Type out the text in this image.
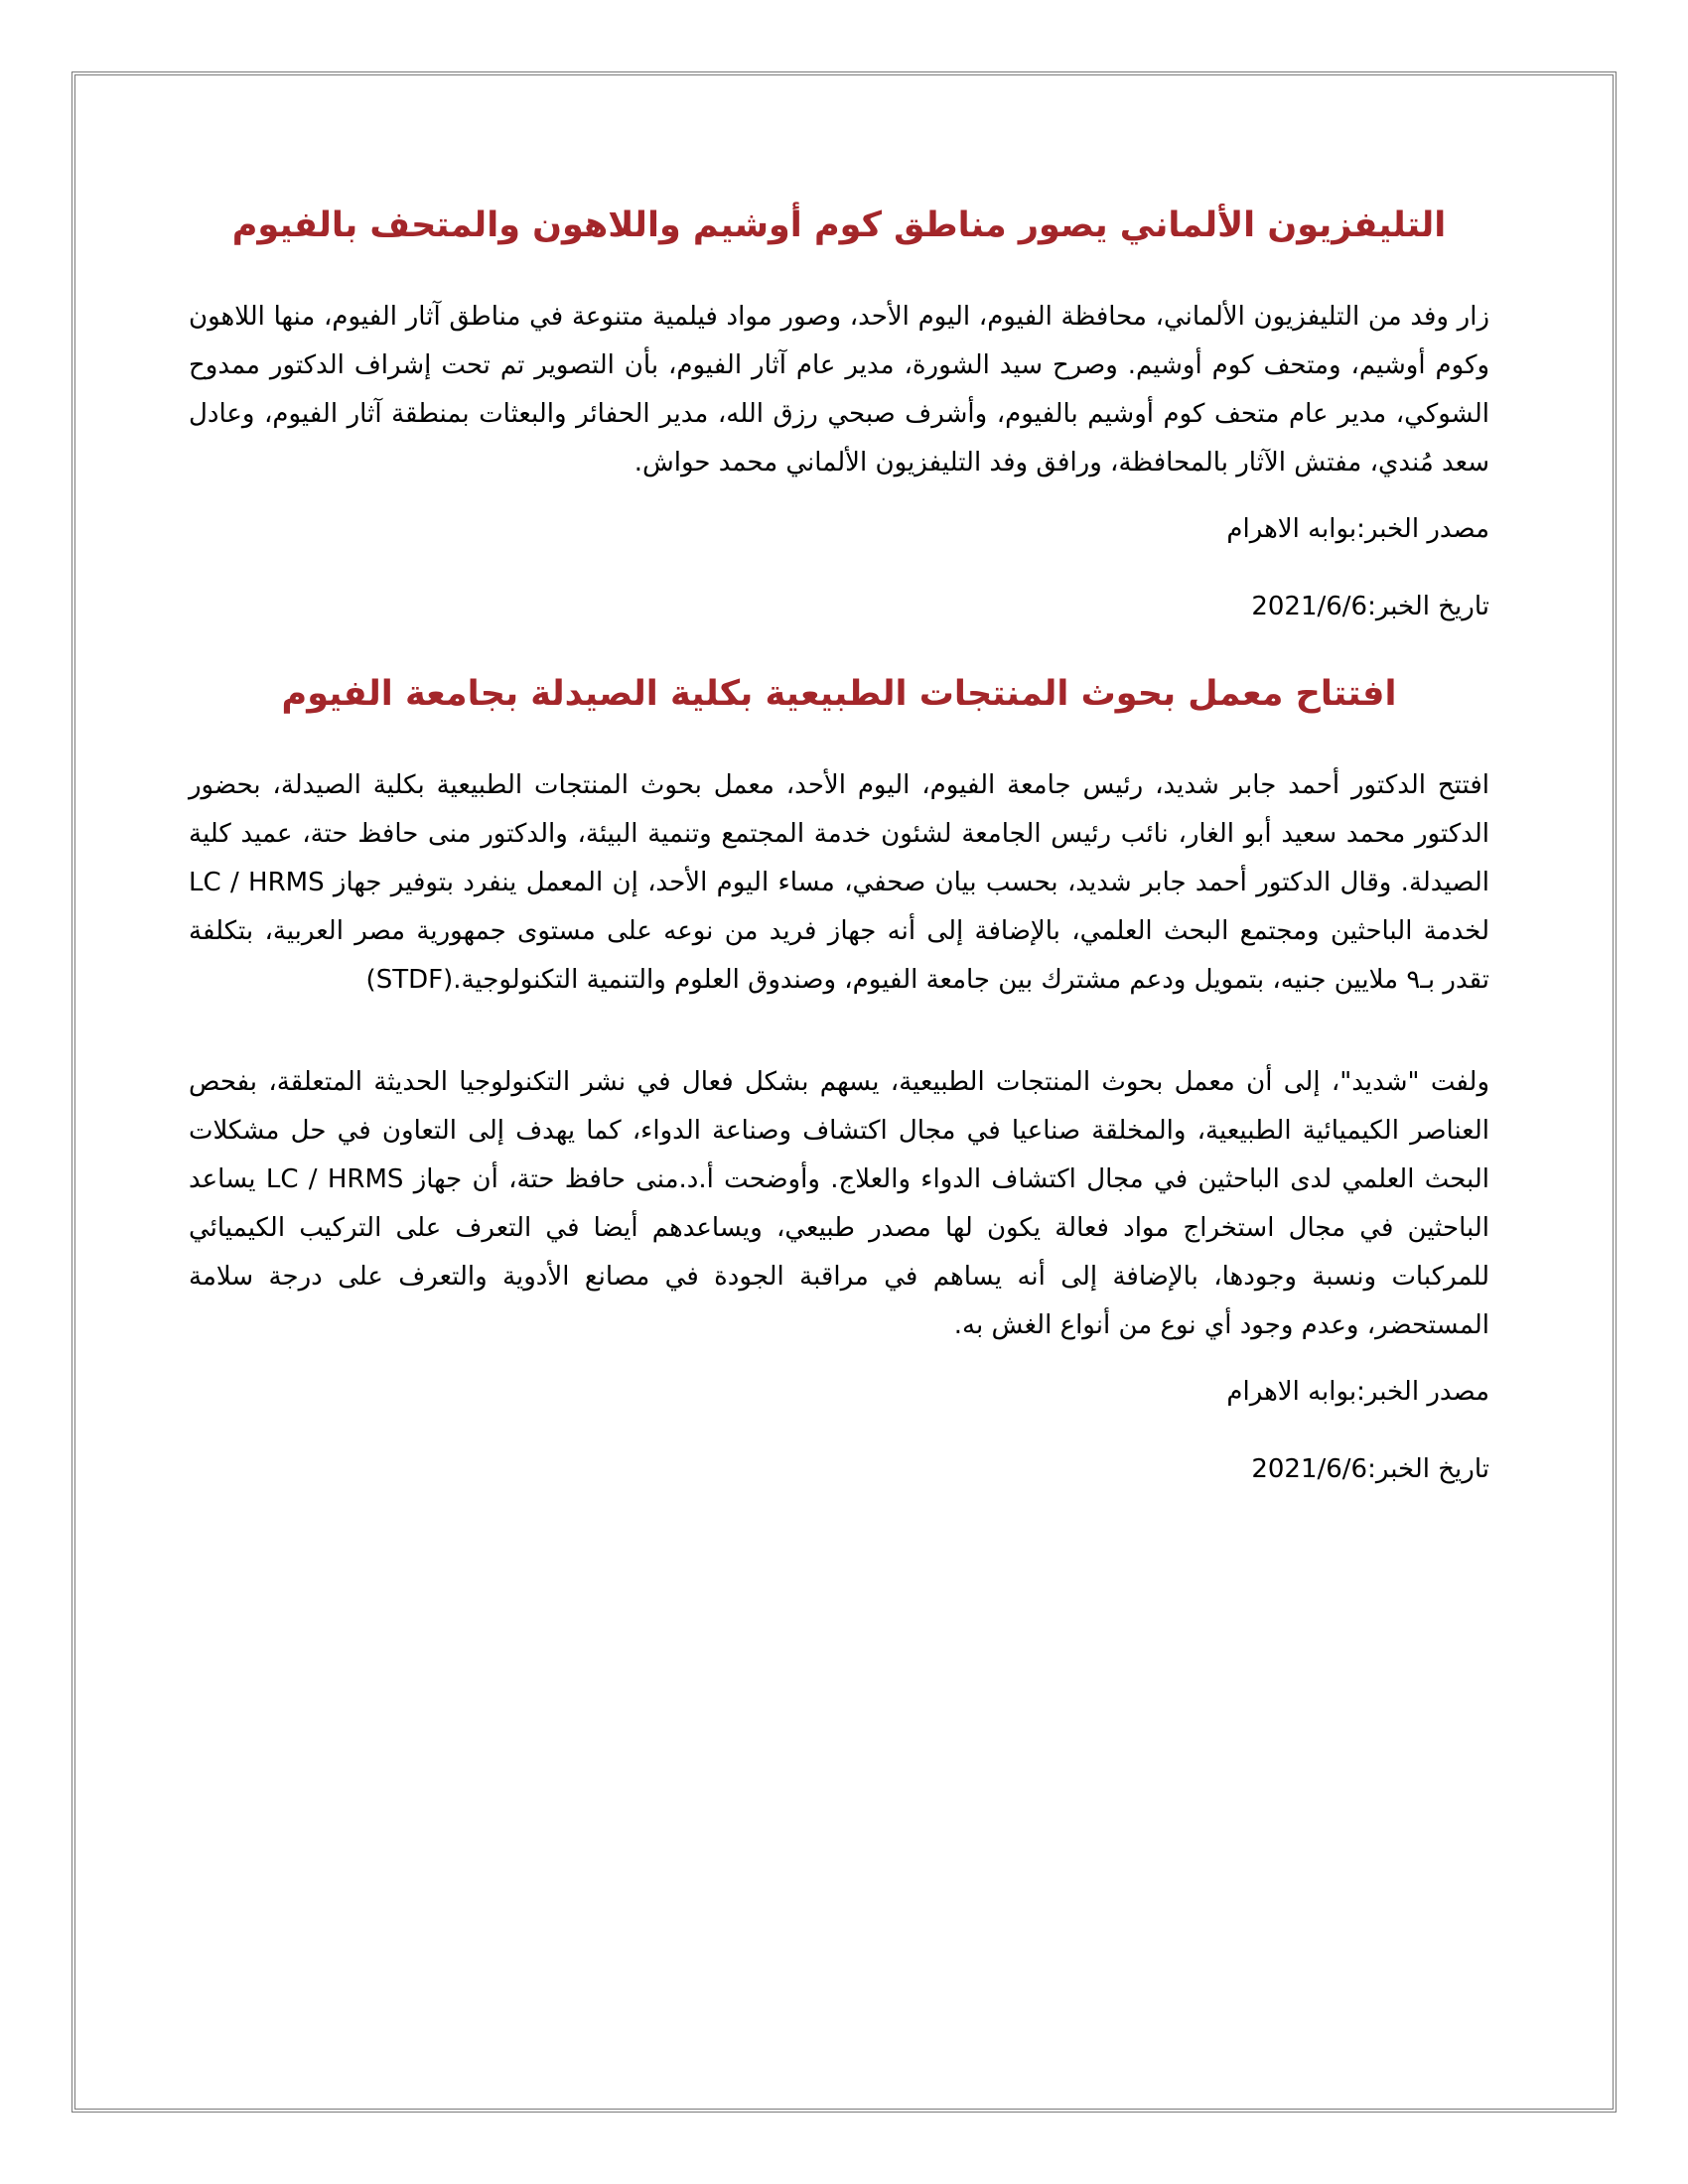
التليفزيون الألماني يصور مناطق كوم أوشيم واللاهون والمتحف بالفيوم

زار وفد من التليفزيون الألماني، محافظة الفيوم، اليوم الأحد، وصور مواد فيلمية متنوعة في مناطق آثار الفيوم، منها اللاهون وكوم أوشيم، ومتحف كوم أوشيم. وصرح سيد الشورة، مدير عام آثار الفيوم، بأن التصوير تم تحت إشراف الدكتور ممدوح الشوكي، مدير عام متحف كوم أوشيم بالفيوم، وأشرف صبحي رزق الله، مدير الحفائر والبعثات بمنطقة آثار الفيوم، وعادل سعد مُندي، مفتش الآثار بالمحافظة، ورافق وفد التليفزيون الألماني محمد حواش.

مصدر الخبر:بوابه الاهرام

تاريخ الخبر:2021/6/6

افتتاح معمل بحوث المنتجات الطبيعية بكلية الصيدلة بجامعة الفيوم

افتتح الدكتور أحمد جابر شديد، رئيس جامعة الفيوم، اليوم الأحد، معمل بحوث المنتجات الطبيعية بكلية الصيدلة، بحضور الدكتور محمد سعيد أبو الغار، نائب رئيس الجامعة لشئون خدمة المجتمع وتنمية البيئة، والدكتور منى حافظ حتة، عميد كلية الصيدلة. وقال الدكتور أحمد جابر شديد، بحسب بيان صحفي، مساء اليوم الأحد، إن المعمل ينفرد بتوفير جهاز LC / HRMS لخدمة الباحثين ومجتمع البحث العلمي، بالإضافة إلى أنه جهاز فريد من نوعه على مستوى جمهورية مصر العربية، بتكلفة تقدر بـ٩ ملايين جنيه، بتمويل ودعم مشترك بين جامعة الفيوم، وصندوق العلوم والتنمية التكنولوجية.(STDF)

ولفت "شديد"، إلى أن معمل بحوث المنتجات الطبيعية، يسهم بشكل فعال في نشر التكنولوجيا الحديثة المتعلقة، بفحص العناصر الكيميائية الطبيعية، والمخلقة صناعيا في مجال اكتشاف وصناعة الدواء، كما يهدف إلى التعاون في حل مشكلات البحث العلمي لدى الباحثين في مجال اكتشاف الدواء والعلاج. وأوضحت أ.د.منى حافظ حتة، أن جهاز LC / HRMS يساعد الباحثين في مجال استخراج مواد فعالة يكون لها مصدر طبيعي، ويساعدهم أيضا في التعرف على التركيب الكيميائي للمركبات ونسبة وجودها، بالإضافة إلى أنه يساهم في مراقبة الجودة في مصانع الأدوية والتعرف على درجة سلامة المستحضر، وعدم وجود أي نوع من أنواع الغش به.

مصدر الخبر:بوابه الاهرام

تاريخ الخبر:2021/6/6
